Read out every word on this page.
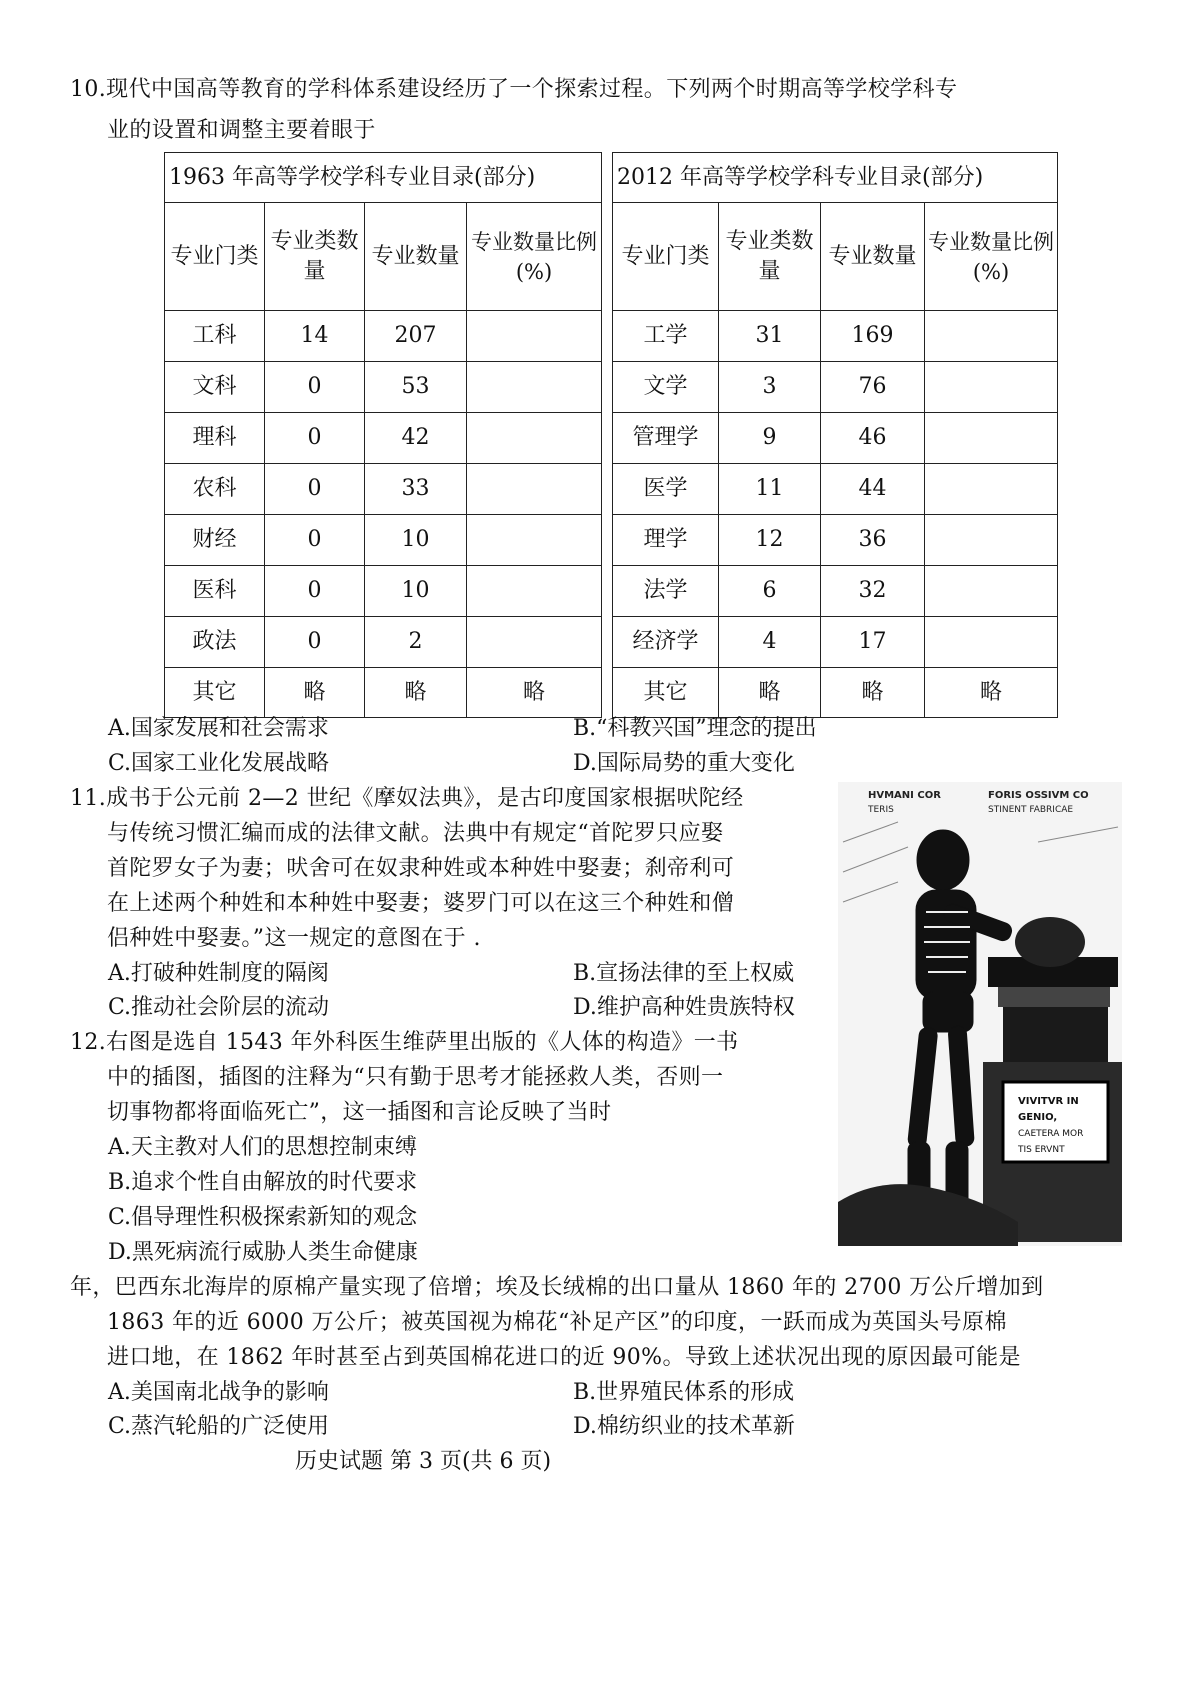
10.现代中国高等教育的学科体系建设经历了一个探索过程。下列两个时期高等学校学科专
业的设置和调整主要着眼于
1963 年高等学校学科专业目录(部分)			
专业门类	专业类数量	专业数量	专业数量比例(%)
工科	14	207	
文科	0	53	
理科	0	42	
农科	0	33	
财经	0	10	
医科	0	10	
政法	0	2	
其它	略	略	略
2012 年高等学校学科专业目录(部分)			
专业门类	专业类数量	专业数量	专业数量比例(%)
工学	31	169	
文学	3	76	
管理学	9	46	
医学	11	44	
理学	12	36	
法学	6	32	
经济学	4	17	
其它	略	略	略
A.国家发展和社会需求	B.“科教兴国”理念的提出
C.国家工业化发展战略	D.国际局势的重大变化
11.成书于公元前 2—2 世纪《摩奴法典》，是古印度国家根据吠陀经
与传统习惯汇编而成的法律文献。法典中有规定“首陀罗只应娶
首陀罗女子为妻；吠舍可在奴隶种姓或本种姓中娶妻；刹帝利可
在上述两个种姓和本种姓中娶妻；婆罗门可以在这三个种姓和僧
侣种姓中娶妻。”这一规定的意图在于 .
A.打破种姓制度的隔阂	B.宣扬法律的至上权威
C.推动社会阶层的流动	D.维护高种姓贵族特权
12.右图是选自 1543 年外科医生维萨里出版的《人体的构造》一书
中的插图，插图的注释为“只有勤于思考才能拯救人类，否则一
切事物都将面临死亡”，这一插图和言论反映了当时
A.天主教对人们的思想控制束缚
B.追求个性自由解放的时代要求
C.倡导理性积极探索新知的观念
D.黑死病流行威胁人类生命健康
HVMANI COR	FORIS OSSIVM CO
TERIS	STINENT FABRICAE
VIVITVR IN
GENIO,
CAETERA MOR
TIS ERVNT
年，巴西东北海岸的原棉产量实现了倍增；埃及长绒棉的出口量从 1860 年的 2700 万公斤增加到
1863 年的近 6000 万公斤；被英国视为棉花“补足产区”的印度，一跃而成为英国头号原棉
进口地，在 1862 年时甚至占到英国棉花进口的近 90%。导致上述状况出现的原因最可能是
A.美国南北战争的影响	B.世界殖民体系的形成
C.蒸汽轮船的广泛使用	D.棉纺织业的技术革新
历史试题 第 3 页(共 6 页)
